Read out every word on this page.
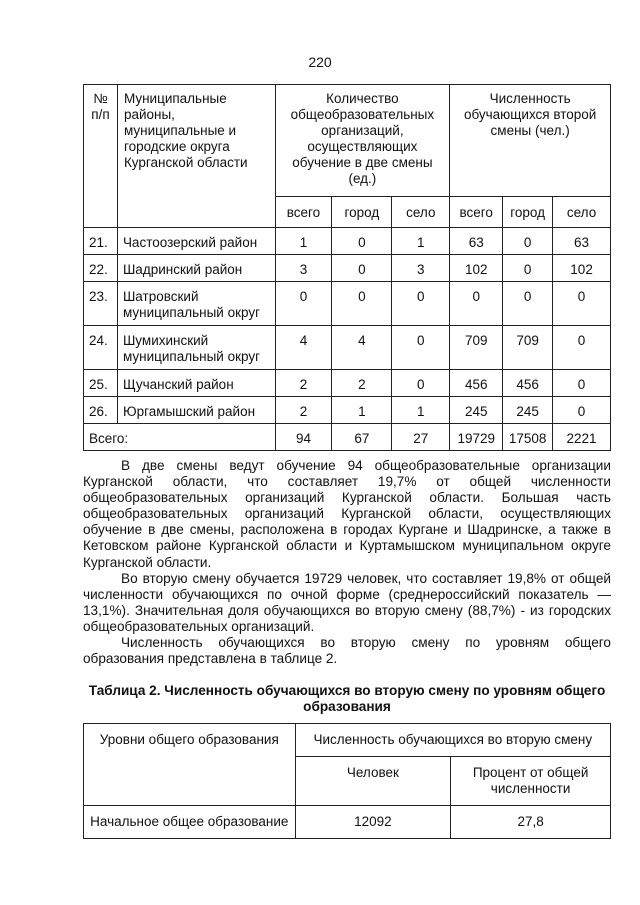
220
№ п/п	Муниципальные районы, муниципальные и городские округа Курганской области	Количество общеобразовательных организаций, осуществляющих обучение в две смены (ед.)			Численность обучающихся второй смены (чел.)		
		всего	город	село	всего	город	село
21.	Частоозерский район	1	0	1	63	0	63
22.	Шадринский район	3	0	3	102	0	102
23.	Шатровский муниципальный округ	0	0	0	0	0	0
24.	Шумихинский муниципальный округ	4	4	0	709	709	0
25.	Щучанский район	2	2	0	456	456	0
26.	Юргамышский район	2	1	1	245	245	0
Всего:		94	67	27	19729	17508	2221

В две смены ведут обучение 94 общеобразовательные организации Курганской области, что составляет 19,7% от общей численности общеобразовательных организаций Курганской области. Большая часть общеобразовательных организаций Курганской области, осуществляющих обучение в две смены, расположена в городах Кургане и Шадринске, а также в Кетовском районе Курганской области и Куртамышском муниципальном округе Курганской области.

Во вторую смену обучается 19729 человек, что составляет 19,8% от общей численности обучающихся по очной форме (среднероссийский показатель — 13,1%). Значительная доля обучающихся во вторую смену (88,7%) - из городских общеобразовательных организаций.

Численность обучающихся во вторую смену по уровням общего образования представлена в таблице 2.

Таблица 2. Численность обучающихся во вторую смену по уровням общего образования
Уровни общего образования	Численность обучающихся во вторую смену	
	Человек	Процент от общей численности
Начальное общее образование	12092	27,8
